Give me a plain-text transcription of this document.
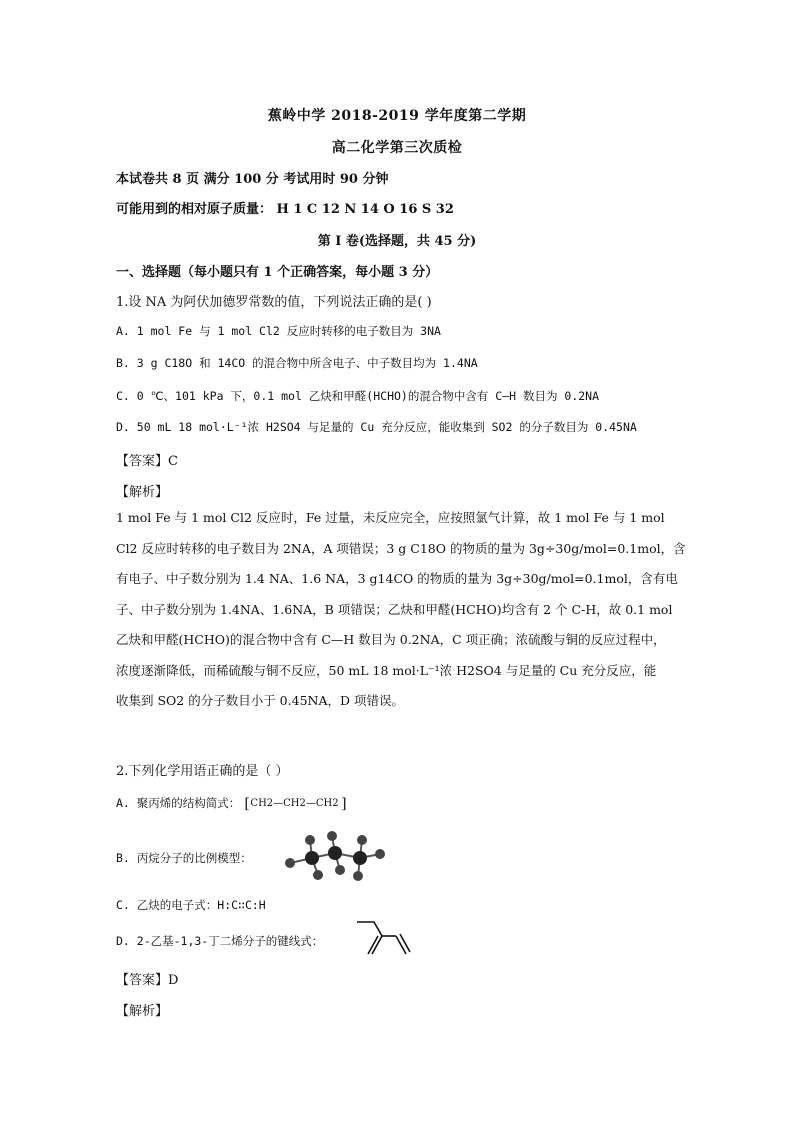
蕉岭中学 2018-2019 学年度第二学期
高二化学第三次质检
本试卷共 8 页 满分 100 分 考试用时 90 分钟
可能用到的相对原子质量： H 1 C 12 N 14 O 16 S 32
第 Ⅰ 卷(选择题，共 45 分)
一、选择题（每小题只有 1 个正确答案，每小题 3 分）
1.设 NA 为阿伏加德罗常数的值，下列说法正确的是( )
A. 1 mol Fe 与 1 mol Cl2 反应时转移的电子数目为 3NA
B. 3 g C18O 和 14CO 的混合物中所含电子、中子数目均为 1.4NA
C. 0 ℃、101 kPa 下，0.1 mol 乙炔和甲醛(HCHO)的混合物中含有 C—H 数目为 0.2NA
D. 50 mL 18 mol·L⁻¹浓 H2SO4 与足量的 Cu 充分反应，能收集到 SO2 的分子数目为 0.45NA
【答案】C
【解析】
1 mol Fe 与 1 mol Cl2 反应时，Fe 过量，未反应完全，应按照氯气计算，故 1 mol Fe 与 1 mol
Cl2 反应时转移的电子数目为 2NA，A 项错误；3 g C18O 的物质的量为 3g÷30g/mol=0.1mol，含
有电子、中子数分别为 1.4 NA、1.6 NA，3 g14CO 的物质的量为 3g÷30g/mol=0.1mol，含有电
子、中子数分别为 1.4NA、1.6NA，B 项错误；乙炔和甲醛(HCHO)均含有 2 个 C-H，故 0.1 mol
乙炔和甲醛(HCHO)的混合物中含有 C—H 数目为 0.2NA，C 项正确；浓硫酸与铜的反应过程中，
浓度逐渐降低，而稀硫酸与铜不反应，50 mL 18 mol·L⁻¹浓 H2SO4 与足量的 Cu 充分反应，能
收集到 SO2 的分子数目小于 0.45NA，D 项错误。
2.下列化学用语正确的是（ ）
A. 聚丙烯的结构简式： [ CH2—CH2—CH2 ]
B. 丙烷分子的比例模型：
C. 乙炔的电子式：H:C∷C:H
D. 2-乙基-1,3-丁二烯分子的键线式：
【答案】D
【解析】
